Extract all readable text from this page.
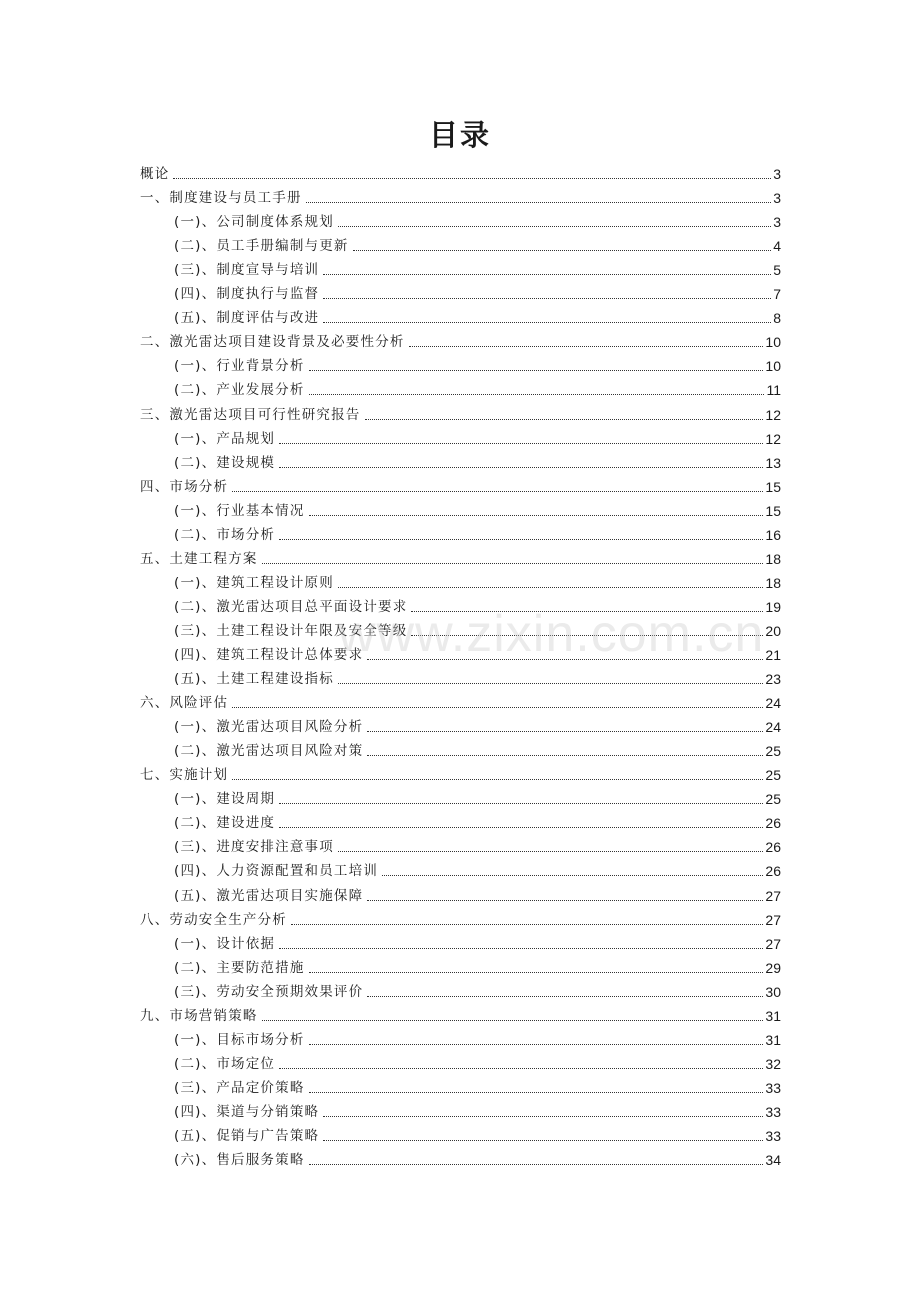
目录
概论	3
一、制度建设与员工手册	3
(一)、公司制度体系规划	3
(二)、员工手册编制与更新	4
(三)、制度宣导与培训	5
(四)、制度执行与监督	7
(五)、制度评估与改进	8
二、激光雷达项目建设背景及必要性分析	10
(一)、行业背景分析	10
(二)、产业发展分析	11
三、激光雷达项目可行性研究报告	12
(一)、产品规划	12
(二)、建设规模	13
四、市场分析	15
(一)、行业基本情况	15
(二)、市场分析	16
五、土建工程方案	18
(一)、建筑工程设计原则	18
(二)、激光雷达项目总平面设计要求	19
(三)、土建工程设计年限及安全等级	20
(四)、建筑工程设计总体要求	21
(五)、土建工程建设指标	23
六、风险评估	24
(一)、激光雷达项目风险分析	24
(二)、激光雷达项目风险对策	25
七、实施计划	25
(一)、建设周期	25
(二)、建设进度	26
(三)、进度安排注意事项	26
(四)、人力资源配置和员工培训	26
(五)、激光雷达项目实施保障	27
八、劳动安全生产分析	27
(一)、设计依据	27
(二)、主要防范措施	29
(三)、劳动安全预期效果评价	30
九、市场营销策略	31
(一)、目标市场分析	31
(二)、市场定位	32
(三)、产品定价策略	33
(四)、渠道与分销策略	33
(五)、促销与广告策略	33
(六)、售后服务策略	34
www.zixin.com.cn
